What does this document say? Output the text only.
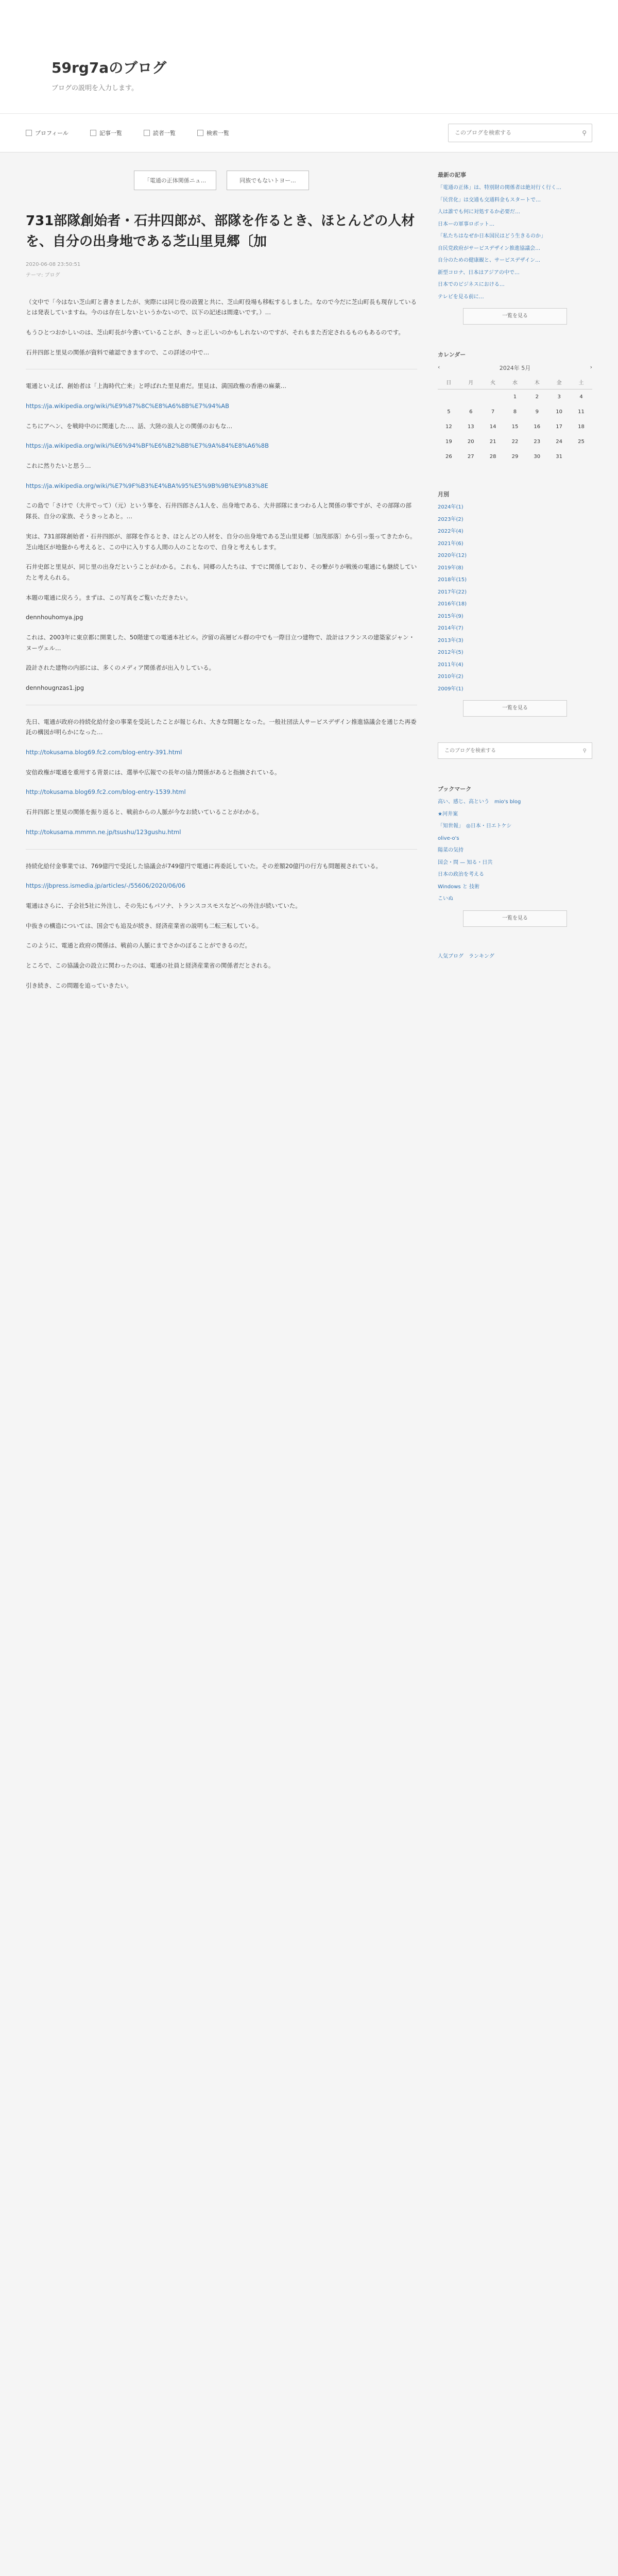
59rg7aのブログ
ブログの説明を入力します。
プロフィール	記事一覧	読者一覧	検索一覧
このブログを検索する	⚲
「電通の正体関係ニュ...	同族でもないトヨー...
731部隊創始者・石井四郎が、部隊を作るとき、ほとんどの人材を、自分の出身地である芝山里見郷〔加
2020-06-08 23:50:51
テーマ: ブログ

（文中で「今はない芝山町と書きましたが、実際には同じ役の設置と共に、芝山町役場も移転するしました。なので今だに芝山町長も現存しているとは発表していますね。今のは存在しないというかないので、以下の記述は間違いです。）…

もうひとつおかしいのは、芝山町長が今書いていることが、きっと正しいのかもしれないのですが、それもまた否定されるものもあるのです。

石井四郎と里見の関係が資料で確認できますので、この詳述の中で…

電通といえば、創始者は「上海時代亡来」と呼ばれた里見甫だ。里見は、満国政権の香港の麻薬…

https://ja.wikipedia.org/wiki/%E9%87%8C%E8%A6%8B%E7%94%AB

こちにアヘン、を戦時中のに関連した…、話、大陸の浪人との関係のおもな…

https://ja.wikipedia.org/wiki/%E6%94%BF%E6%B2%BB%E7%9A%84%E8%A6%8B

これに然りたいと思う…

https://ja.wikipedia.org/wiki/%E7%9F%B3%E4%BA%95%E5%9B%9B%E9%83%8E

この島で「さけで（大井でって）（元）という事を、石井四郎さん1人を、出身地である、大井部隊にまつわる人と関係の事ですが、その部隊の部隊長、自分の家族、そうきっとあと。…

実は、731部隊創始者・石井四郎が、部隊を作るとき、ほとんどの人材を、自分の出身地である芝山里見郷〔加茂部落〕から引っ張ってきたから。芝山地区が地盤から考えると、この中に入りする人間の人のことなので、自身と考えもします。

石井史郎と里見が、同じ里の出身だということがわかる。これも、同郷の人たちは、すでに関係しており、その繋がりが戦後の電通にも継続していたと考えられる。

本題の電通に戻ろう。まずは、この写真をご覧いただきたい。

dennhouhomya.jpg

これは、2003年に東京都に開業した、50階建ての電通本社ビル。汐留の高層ビル群の中でも一際目立つ建物で、設計はフランスの建築家ジャン・ヌーヴェル…

設計された建物の内部には、多くのメディア関係者が出入りしている。

dennhougnzas1.jpg

先日、電通が政府の持続化給付金の事業を受託したことが報じられ、大きな問題となった。一般社団法人サービスデザイン推進協議会を通じた再委託の構図が明らかになった…

http://tokusama.blog69.fc2.com/blog-entry-391.html

安倍政権が電通を重用する背景には、選挙や広報での長年の協力関係があると指摘されている。

http://tokusama.blog69.fc2.com/blog-entry-1539.html

石井四郎と里見の関係を振り返ると、戦前からの人脈が今なお続いていることがわかる。

http://tokusama.mmmn.ne.jp/tsushu/123gushu.html

持続化給付金事業では、769億円で受託した協議会が749億円で電通に再委託していた。その差額20億円の行方も問題視されている。

https://jbpress.ismedia.jp/articles/-/55606/2020/06/06

電通はさらに、子会社5社に外注し、その先にもパソナ、トランスコスモスなどへの外注が続いていた。

中抜きの構造については、国会でも追及が続き、経済産業省の説明も二転三転している。

このように、電通と政府の関係は、戦前の人脈にまでさかのぼることができるのだ。

ところで、この協議会の設立に関わったのは、電通の社員と経済産業省の関係者だとされる。

引き続き、この問題を追っていきたい。

最新の記事
「電通の正体」は、特別財の関係者は絶対行く行く…
「民営化」は交通も交通料金もスタートで…
人は誰でも何に対処するか必要だ…
日本ーの軍事ロボット…
「私たちはなぜか日本国民はどう生きるのか」
自民党政府がサービスデザイン推進協議会…
自分のための健康観と、サービスデザイン…
新型コロナ、日本はアジアの中で…
日本でのビジネスにおける…
テレビを見る前に…
一覧を見る
カレンダー
‹	2024年 5月	›
日	月	火	水	木	金	土
			1	2	3	4
5	6	7	8	9	10	11
12	13	14	15	16	17	18
19	20	21	22	23	24	25
26	27	28	29	30	31	
月別
2024年(1)
2023年(2)
2022年(4)
2021年(6)
2020年(12)
2019年(8)
2018年(15)
2017年(22)
2016年(18)
2015年(9)
2014年(7)
2013年(3)
2012年(5)
2011年(4)
2010年(2)
2009年(1)
一覧を見る
このブログを検索する
⚲
ブックマーク
高い、感じ、高という　mio's blog
★河井案
「知世報」　◎日本・日エトケシ
olive-o's
陽菜の気持
国会・問 — 知る・日共
日本の政治を考える
Windows と 技術
こいぬ
一覧を見る
人気ブログ　ランキング
